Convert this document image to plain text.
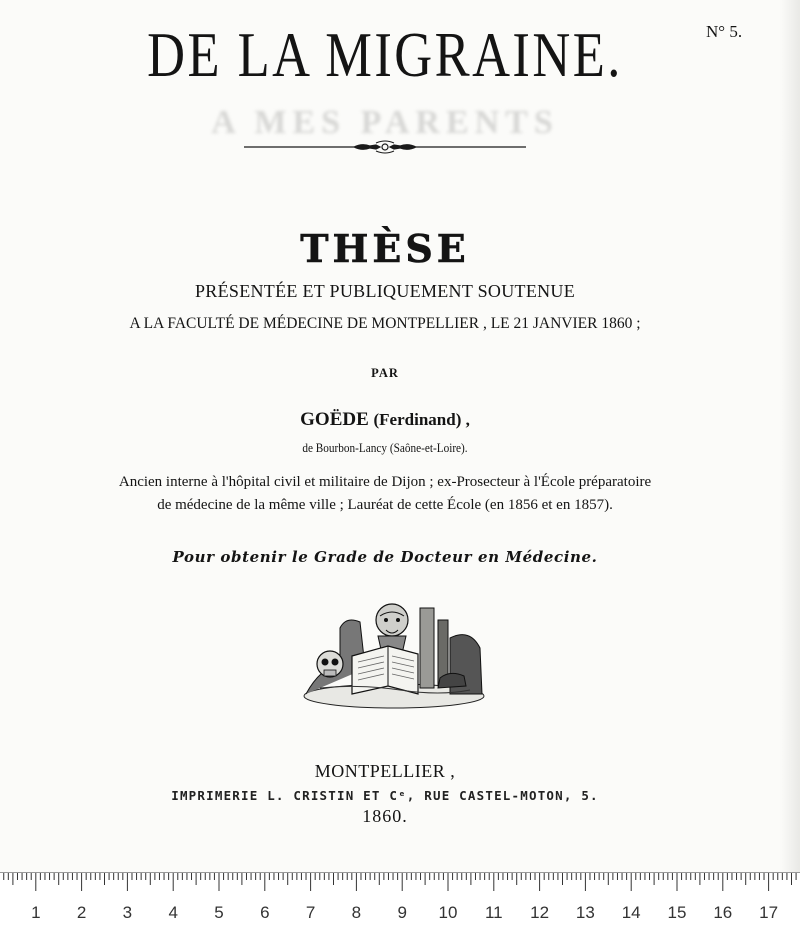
DE LA MIGRAINE.	N° 5.
A MES PARENTS
THÈSE
PRÉSENTÉE ET PUBLIQUEMENT SOUTENUE
A LA FACULTÉ DE MÉDECINE DE MONTPELLIER , LE 21 JANVIER 1860 ;
PAR
GOËDE (Ferdinand) ,
de Bourbon-Lancy (Saône-et-Loire).
Ancien interne à l'hôpital civil et militaire de Dijon ; ex-Prosecteur à l'École préparatoire
de médecine de la même ville ; Lauréat de cette École (en 1856 et en 1857).
Pour obtenir le Grade de Docteur en Médecine.
MONTPELLIER ,
IMPRIMERIE L. CRISTIN ET Cᵉ, RUE CASTEL-MOTON, 5.
1860.
1	2	3	4	5	6	7	8	9	10	11	12	13	14	15	16	17
